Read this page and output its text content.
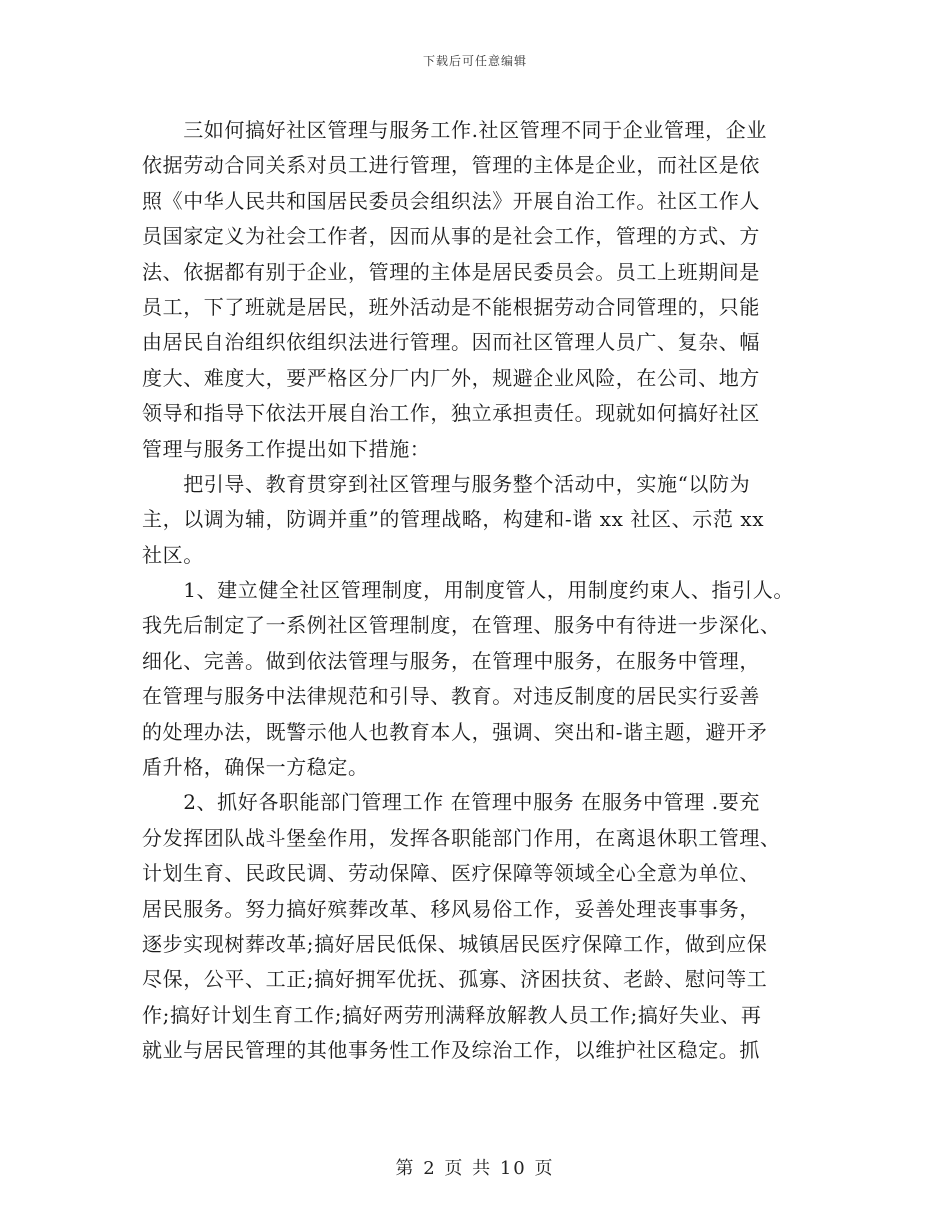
下载后可任意编辑
　　三如何搞好社区管理与服务工作.社区管理不同于企业管理，企业
依据劳动合同关系对员工进行管理，管理的主体是企业，而社区是依
照《中华人民共和国居民委员会组织法》开展自治工作。社区工作人
员国家定义为社会工作者，因而从事的是社会工作，管理的方式、方
法、依据都有别于企业，管理的主体是居民委员会。员工上班期间是
员工，下了班就是居民，班外活动是不能根据劳动合同管理的，只能
由居民自治组织依组织法进行管理。因而社区管理人员广、复杂、幅
度大、难度大，要严格区分厂内厂外，规避企业风险，在公司、地方
领导和指导下依法开展自治工作，独立承担责任。现就如何搞好社区
管理与服务工作提出如下措施：
　　把引导、教育贯穿到社区管理与服务整个活动中，实施“以防为
主，以调为辅，防调并重”的管理战略，构建和-谐 xx 社区、示范 xx
社区。
　　1、建立健全社区管理制度，用制度管人，用制度约束人、指引人。
我先后制定了一系例社区管理制度，在管理、服务中有待进一步深化、
细化、完善。做到依法管理与服务，在管理中服务，在服务中管理，
在管理与服务中法律规范和引导、教育。对违反制度的居民实行妥善
的处理办法，既警示他人也教育本人，强调、突出和-谐主题，避开矛
盾升格，确保一方稳定。
　　2、抓好各职能部门管理工作 在管理中服务 在服务中管理 .要充
分发挥团队战斗堡垒作用，发挥各职能部门作用，在离退休职工管理、
计划生育、民政民调、劳动保障、医疗保障等领域全心全意为单位、
居民服务。努力搞好殡葬改革、移风易俗工作，妥善处理丧事事务，
逐步实现树葬改革;搞好居民低保、城镇居民医疗保障工作，做到应保
尽保，公平、工正;搞好拥军优抚、孤寡、济困扶贫、老龄、慰问等工
作;搞好计划生育工作;搞好两劳刑满释放解教人员工作;搞好失业、再
就业与居民管理的其他事务性工作及综治工作，以维护社区稳定。抓
第 2 页 共 10 页
